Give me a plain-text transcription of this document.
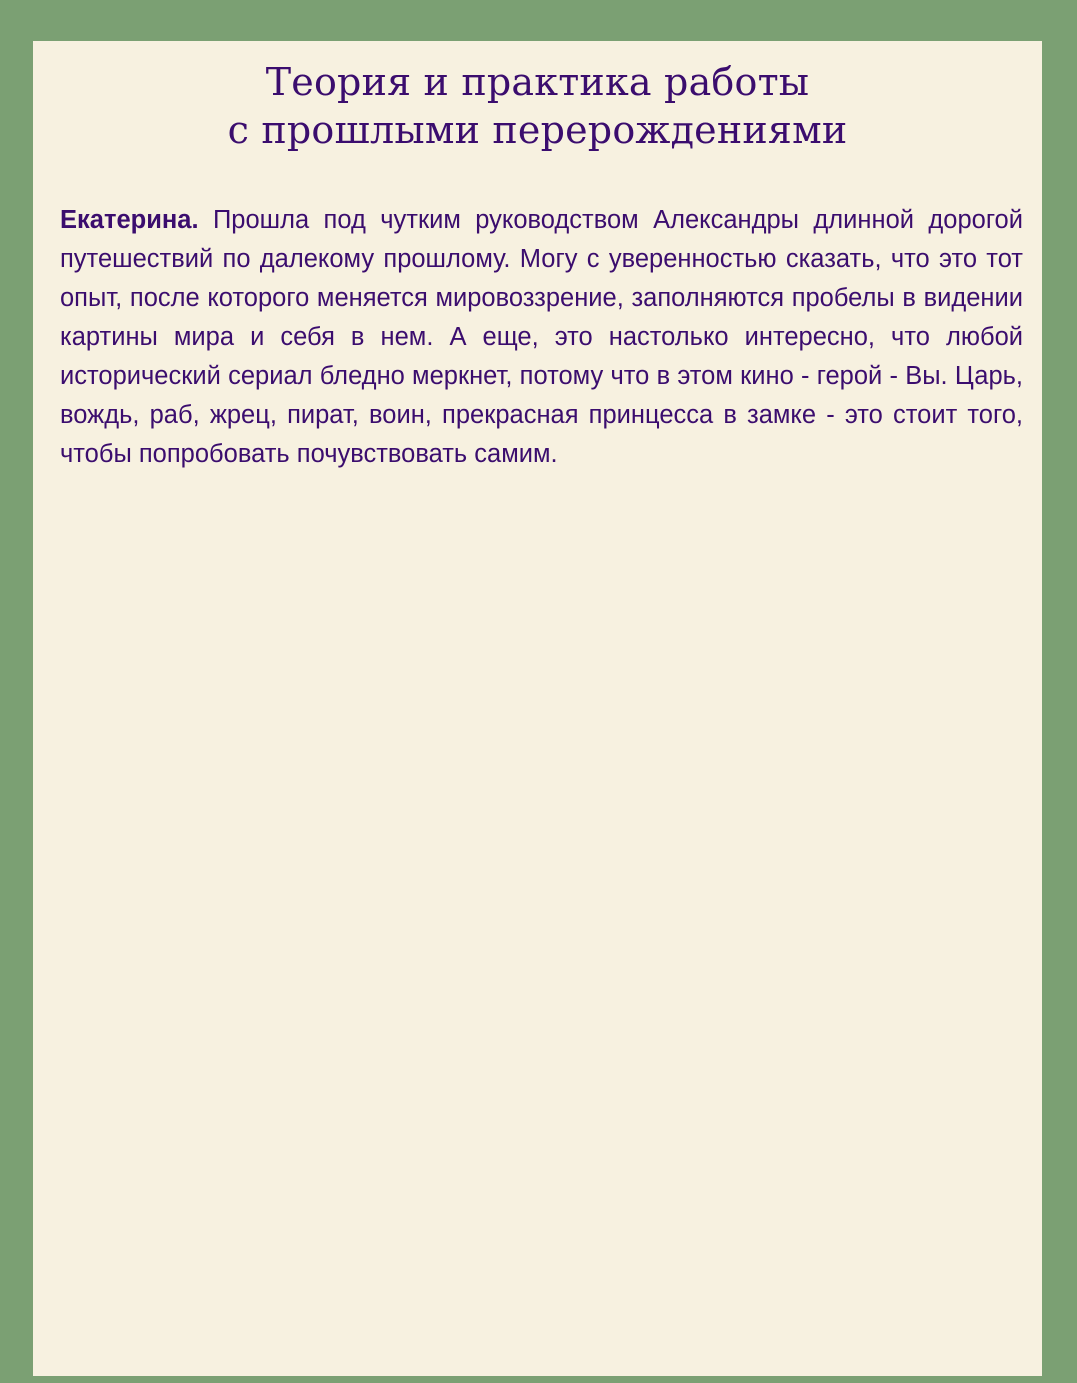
Теория и практика работы
с прошлыми перерождениями

Екатерина. Прошла под чутким руководством Александры длинной дорогой путешествий по далекому прошлому. Могу с уверенностью сказать, что это тот опыт, после которого меняется мировоззрение, заполняются пробелы в видении картины мира и себя в нем. А еще, это настолько интересно, что любой исторический сериал бледно меркнет, потому что в этом кино - герой - Вы. Царь, вождь, раб, жрец, пират, воин, прекрасная принцесса в замке - это стоит того, чтобы попробовать почувствовать самим.
